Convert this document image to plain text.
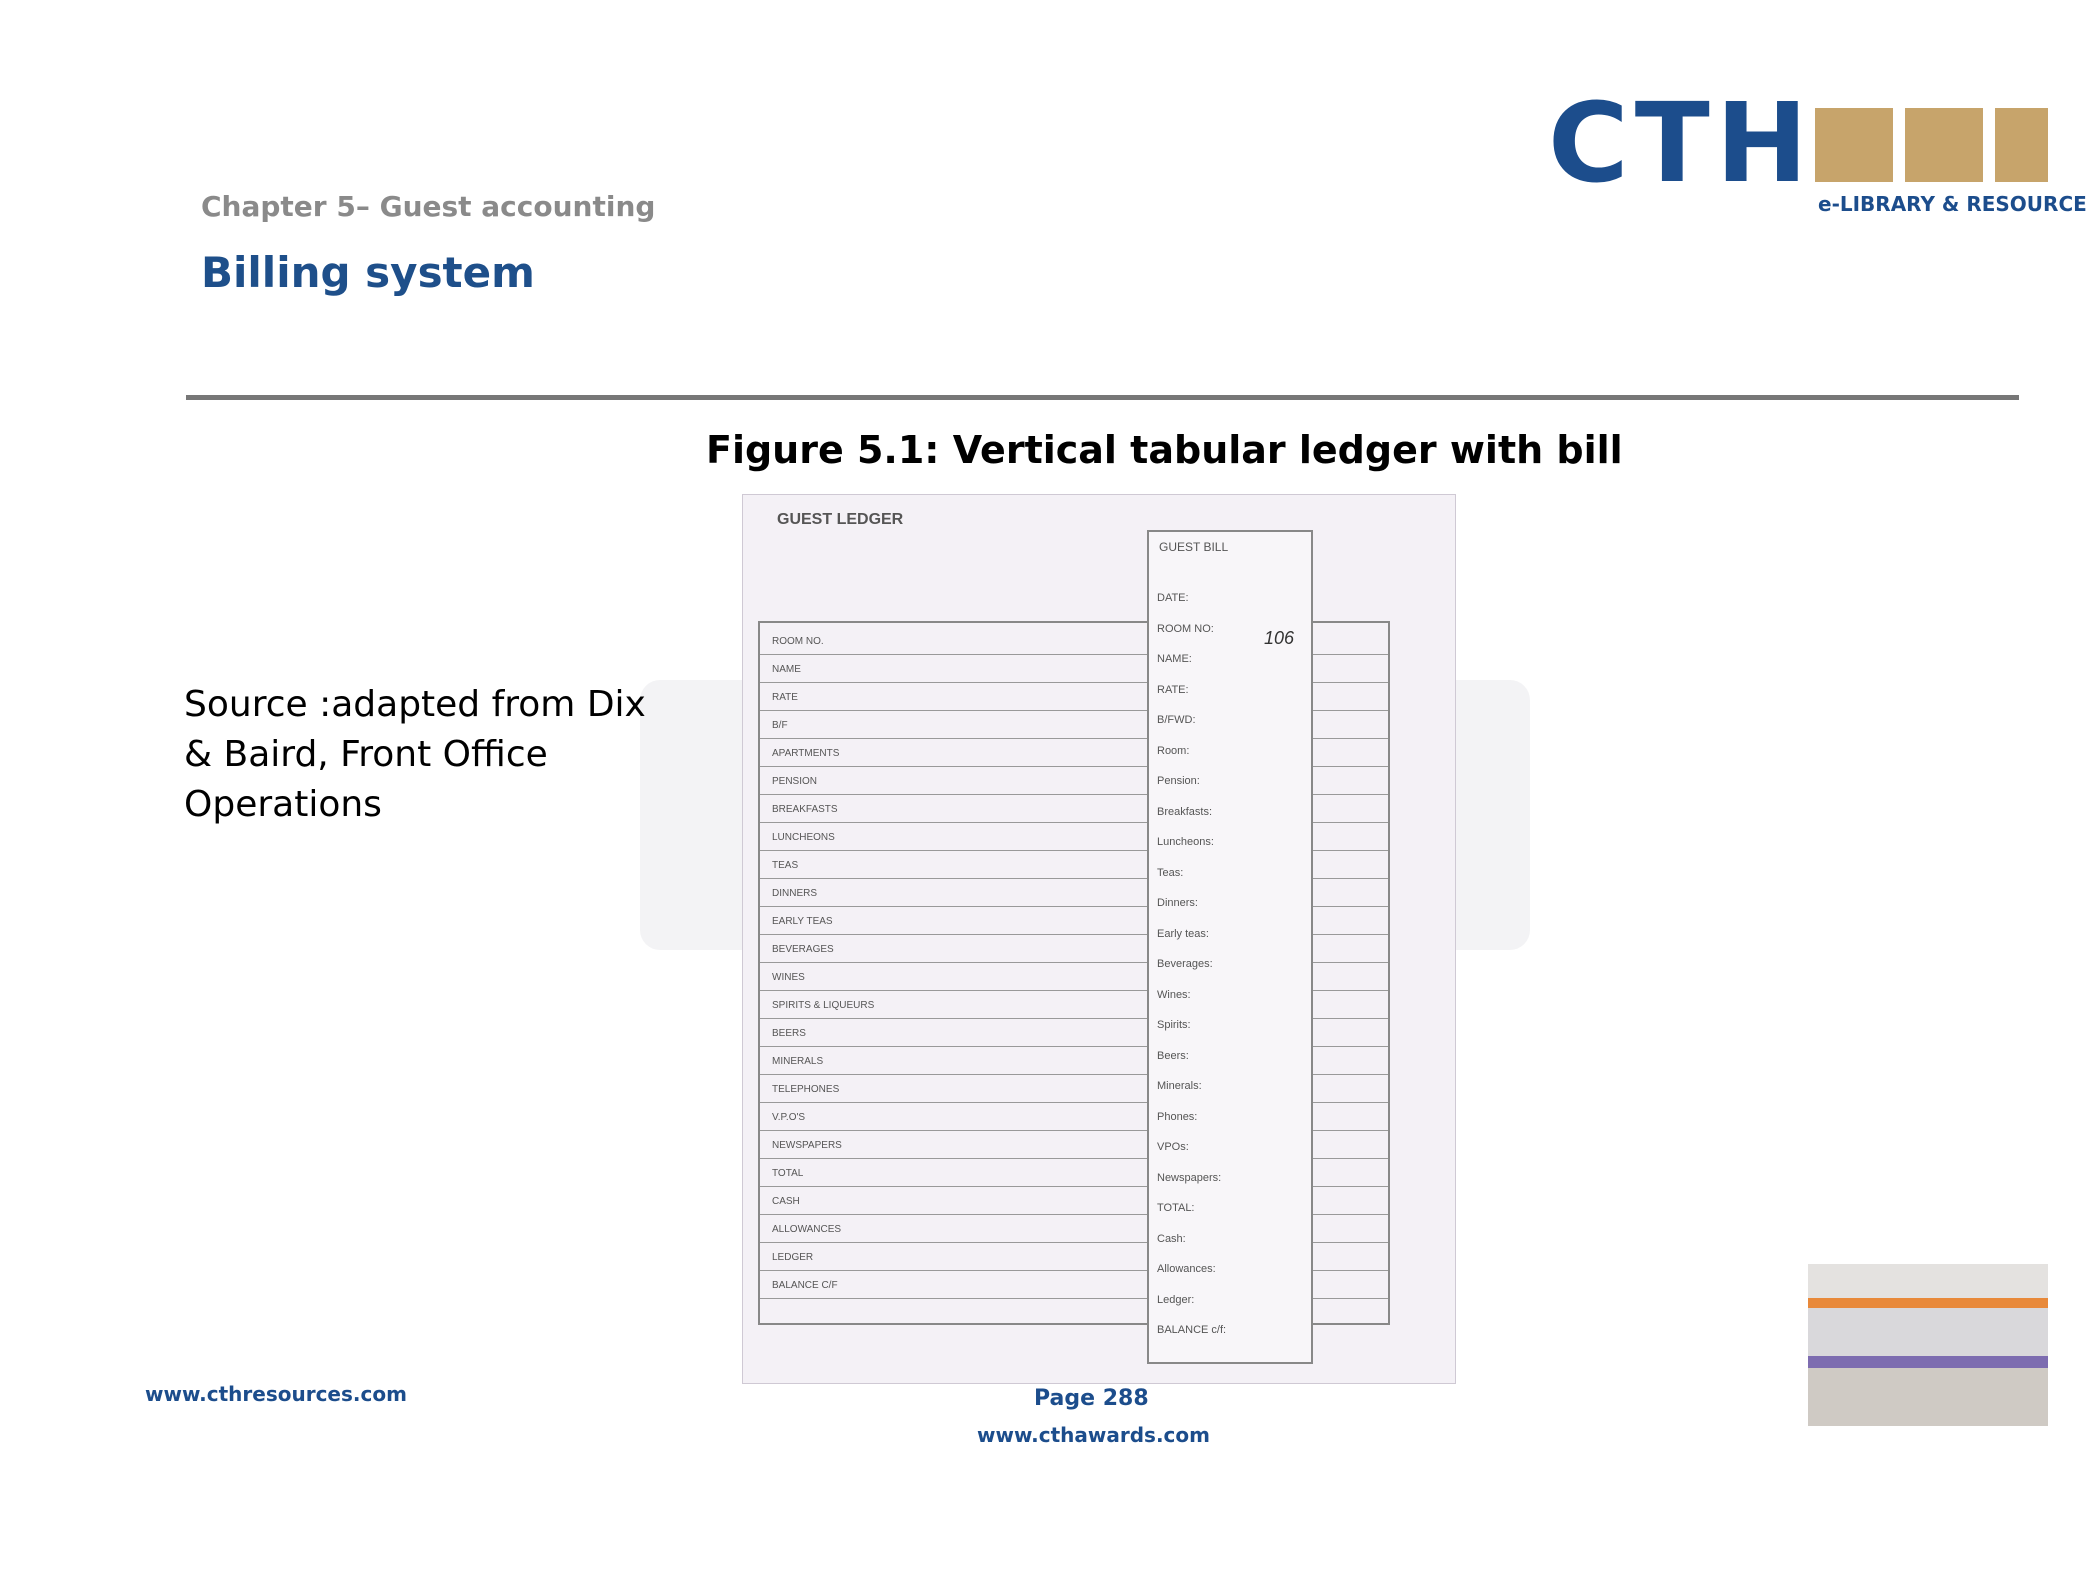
Chapter 5– Guest accounting
Billing system
CTH e-LIBRARY & RESOURCE
Figure 5.1: Vertical tabular ledger with bill
Source :adapted from Dix & Baird, Front Office Operations
GUEST LEDGER
ROOM NO.
NAME
RATE
B/F
APARTMENTS
PENSION
BREAKFASTS
LUNCHEONS
TEAS
DINNERS
EARLY TEAS
BEVERAGES
WINES
SPIRITS & LIQUEURS
BEERS
MINERALS
TELEPHONES
V.P.O'S
NEWSPAPERS
TOTAL
CASH
ALLOWANCES
LEDGER
BALANCE C/F
GUEST BILL
106
DATE:
ROOM NO:
NAME:
RATE:
B/FWD:
Room:
Pension:
Breakfasts:
Luncheons:
Teas:
Dinners:
Early teas:
Beverages:
Wines:
Spirits:
Beers:
Minerals:
Phones:
VPOs:
Newspapers:
TOTAL:
Cash:
Allowances:
Ledger:
BALANCE c/f:
www.cthresources.com	Page 288
www.cthawards.com
